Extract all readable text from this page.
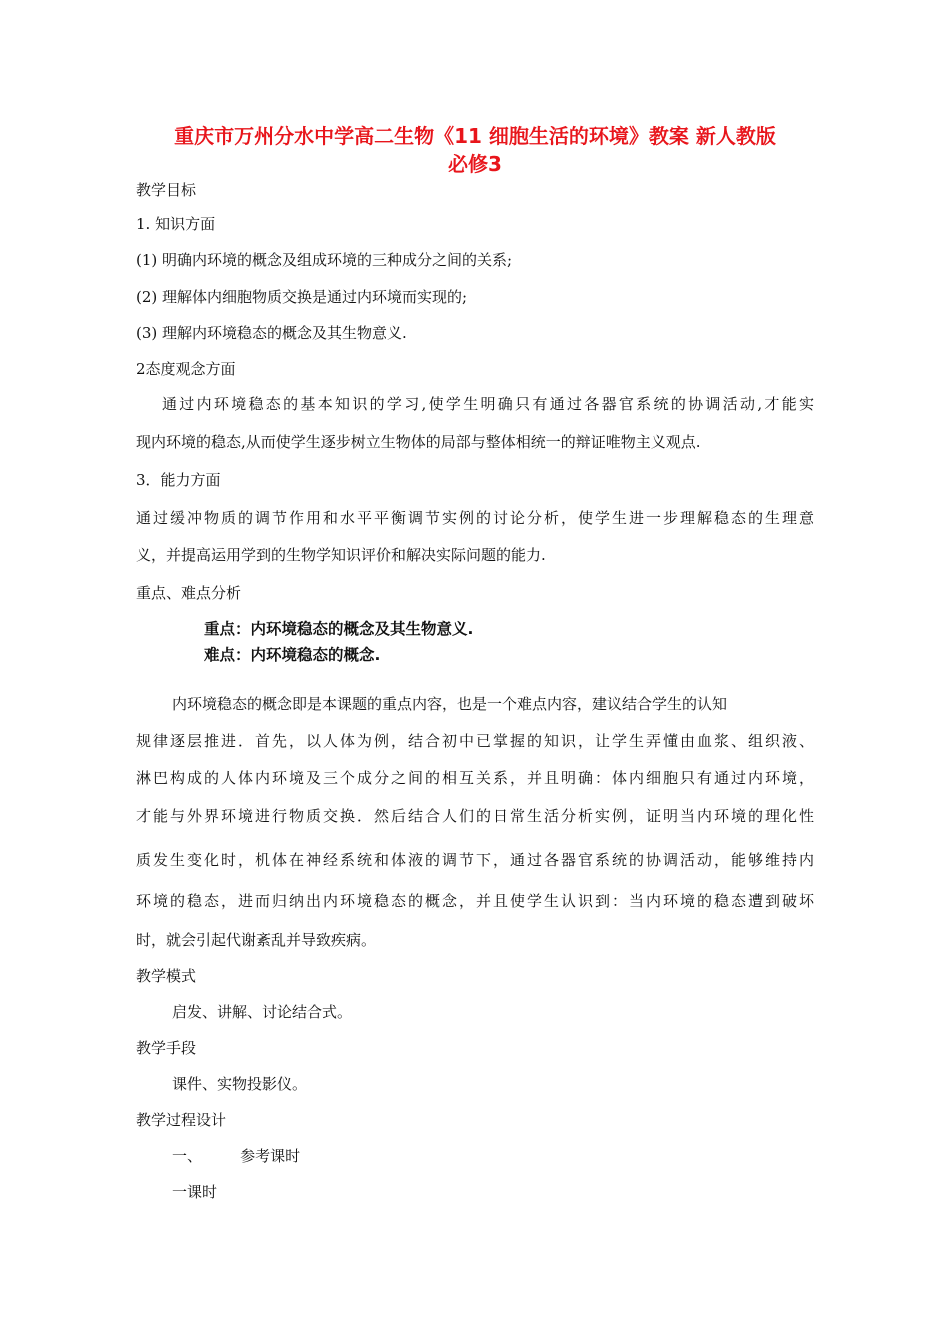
重庆市万州分水中学高二生物《11 细胞生活的环境》教案 新人教版
必修3
教学目标
1. 知识方面
(1) 明确内环境的概念及组成环境的三种成分之间的关系;
(2) 理解体内细胞物质交换是通过内环境而实现的;
(3) 理解内环境稳态的概念及其生物意义.
2态度观念方面
通过内环境稳态的基本知识的学习,使学生明确只有通过各器官系统的协调活动,才能实
现内环境的稳态,从而使学生逐步树立生物体的局部与整体相统一的辩证唯物主义观点.
3．能力方面
通过缓冲物质的调节作用和水平平衡调节实例的讨论分析，使学生进一步理解稳态的生理意
义，并提高运用学到的生物学知识评价和解决实际问题的能力.
重点、难点分析
重点：内环境稳态的概念及其生物意义.
难点：内环境稳态的概念.
内环境稳态的概念即是本课题的重点内容，也是一个难点内容，建议结合学生的认知
规律逐层推进．首先，以人体为例，结合初中已掌握的知识，让学生弄懂由血浆、组织液、
淋巴构成的人体内环境及三个成分之间的相互关系，并且明确：体内细胞只有通过内环境，
才能与外界环境进行物质交换．然后结合人们的日常生活分析实例，证明当内环境的理化性
质发生变化时，机体在神经系统和体液的调节下，通过各器官系统的协调活动，能够维持内
环境的稳态，进而归纳出内环境稳态的概念，并且使学生认识到：当内环境的稳态遭到破坏
时，就会引起代谢紊乱并导致疾病。
教学模式
启发、讲解、讨论结合式。
教学手段
课件、实物投影仪。
教学过程设计
一、        参考课时
一课时
